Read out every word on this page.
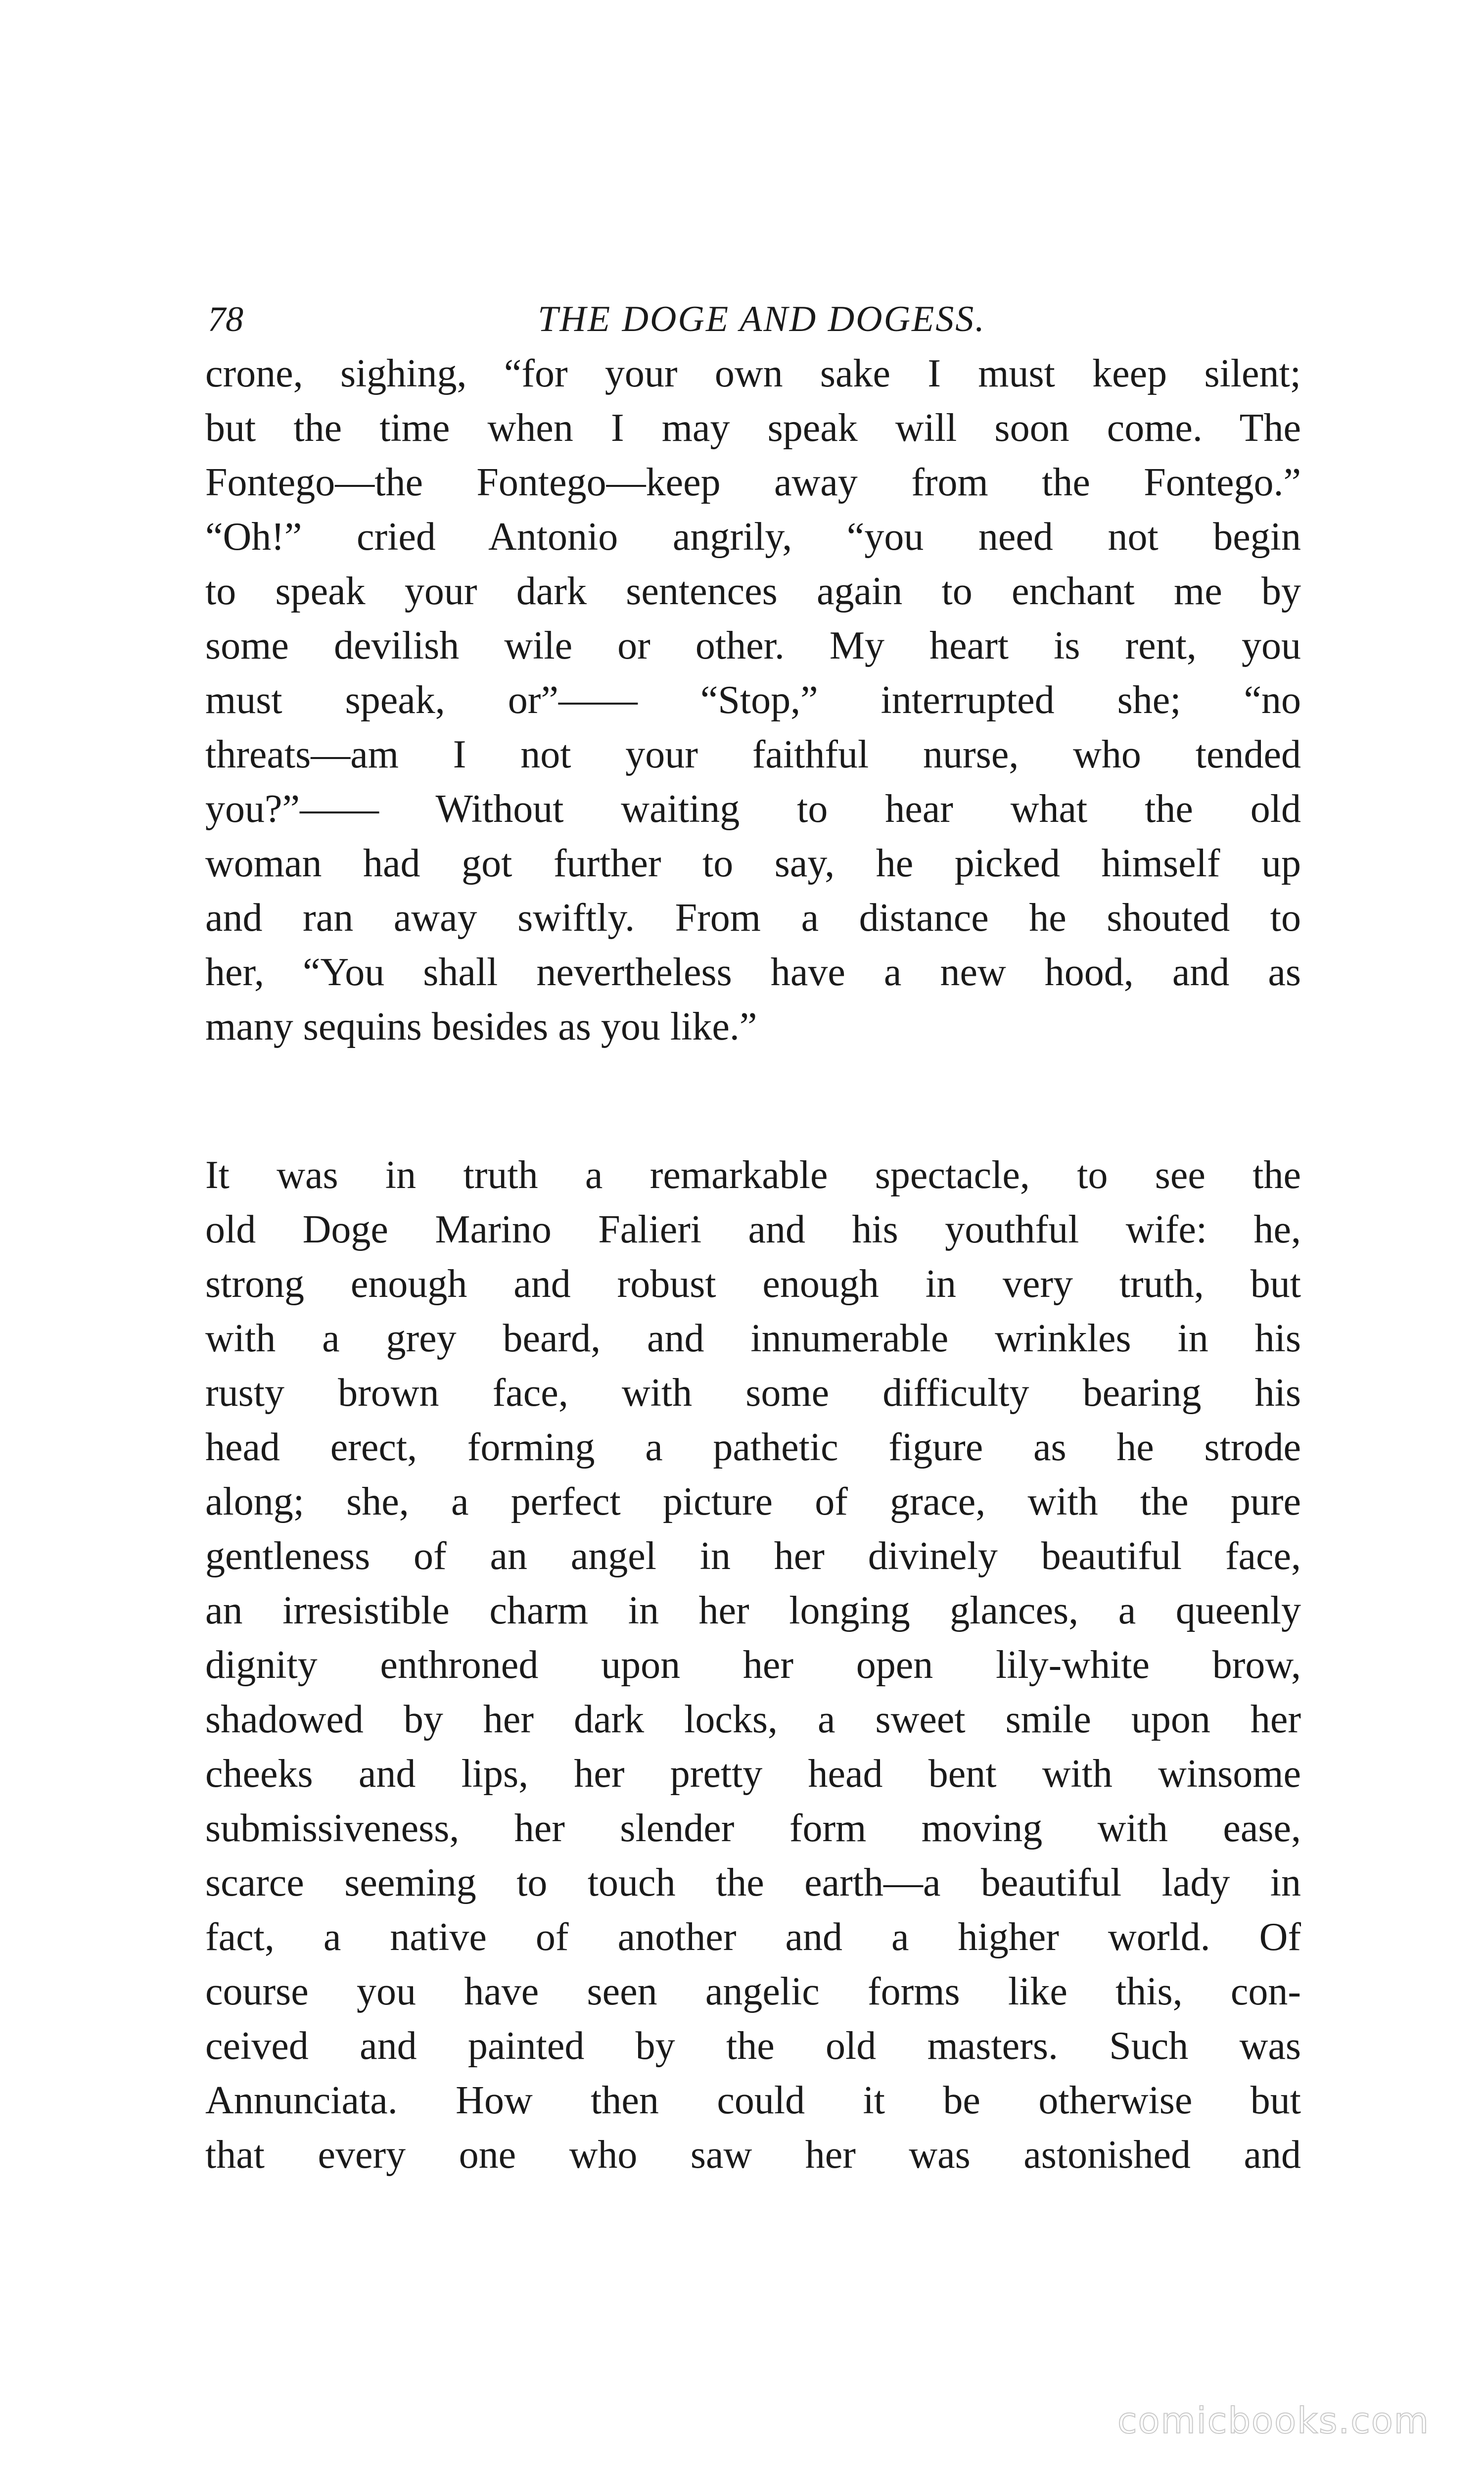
78	THE DOGE AND DOGESS.
crone, sighing, “for your own sake I must keep silent;
but the time when I may speak will soon come. The
Fontego—the Fontego—keep away from the Fontego.”
“Oh!” cried Antonio angrily, “you need not begin
to speak your dark sentences again to enchant me by
some devilish wile or other. My heart is rent, you
must speak, or”—— “Stop,” interrupted she; “no
threats—am I not your faithful nurse, who tended
you?”—— Without waiting to hear what the old
woman had got further to say, he picked himself up
and ran away swiftly. From a distance he shouted to
her, “You shall nevertheless have a new hood, and as
many sequins besides as you like.”
It was in truth a remarkable spectacle, to see the
old Doge Marino Falieri and his youthful wife: he,
strong enough and robust enough in very truth, but
with a grey beard, and innumerable wrinkles in his
rusty brown face, with some difficulty bearing his
head erect, forming a pathetic figure as he strode
along; she, a perfect picture of grace, with the pure
gentleness of an angel in her divinely beautiful face,
an irresistible charm in her longing glances, a queenly
dignity enthroned upon her open lily-white brow,
shadowed by her dark locks, a sweet smile upon her
cheeks and lips, her pretty head bent with winsome
submissiveness, her slender form moving with ease,
scarce seeming to touch the earth—a beautiful lady in
fact, a native of another and a higher world. Of
course you have seen angelic forms like this, con-
ceived and painted by the old masters. Such was
Annunciata. How then could it be otherwise but
that every one who saw her was astonished and
comicbooks.com
